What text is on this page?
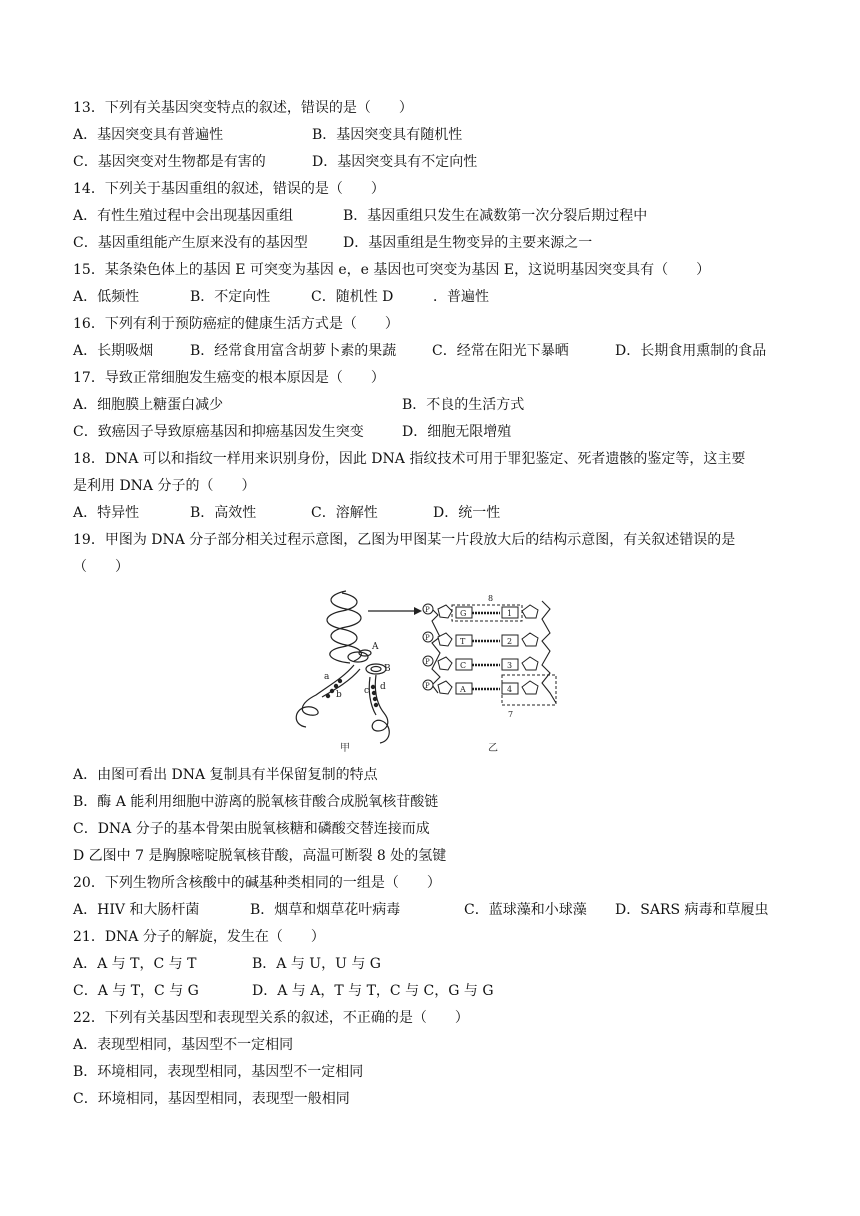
13．下列有关基因突变特点的叙述，错误的是（　　）
A．基因突变具有普遍性	B．基因突变具有随机性
C．基因突变对生物都是有害的	D．基因突变具有不定向性
14．下列关于基因重组的叙述，错误的是（　　）
A．有性生殖过程中会出现基因重组	B．基因重组只发生在减数第一次分裂后期过程中
C．基因重组能产生原来没有的基因型	D．基因重组是生物变异的主要来源之一
15．某条染色体上的基因 E 可突变为基因 e，e 基因也可突变为基因 E，这说明基因突变具有（　　）
A．低频性	B．不定向性	C．随机性 D	．普遍性
16．下列有利于预防癌症的健康生活方式是（　　）
A．长期吸烟	B．经常食用富含胡萝卜素的果蔬	C．经常在阳光下暴晒	D．长期食用熏制的食品
17．导致正常细胞发生癌变的根本原因是（　　）
A．细胞膜上糖蛋白减少	B．不良的生活方式
C．致癌因子导致原癌基因和抑癌基因发生突变	D．细胞无限增殖
18．DNA 可以和指纹一样用来识别身份，因此 DNA 指纹技术可用于罪犯鉴定、死者遗骸的鉴定等，这主要
是利用 DNA 分子的（　　）
A．特异性	B．高效性	C．溶解性	D．统一性
19．甲图为 DNA 分子部分相关过程示意图，乙图为甲图某一片段放大后的结构示意图，有关叙述错误的是
（　　）
A
B
a
b c d
甲
P	G	1
P	T	2
P	C	3
P	A	4
8
7
乙
A．由图可看出 DNA 复制具有半保留复制的特点
B．酶 A 能利用细胞中游离的脱氧核苷酸合成脱氧核苷酸链
C．DNA 分子的基本骨架由脱氧核糖和磷酸交替连接而成
D 乙图中 7 是胸腺嘧啶脱氧核苷酸，高温可断裂 8 处的氢键
20．下列生物所含核酸中的碱基种类相同的一组是（　　）
A．HIV 和大肠杆菌	B．烟草和烟草花叶病毒	C．蓝球藻和小球藻 D．SARS 病毒和草履虫
21．DNA 分子的解旋，发生在（　　）
A．A 与 T，C 与 T	B．A 与 U，U 与 G
C．A 与 T，C 与 G	D．A 与 A，T 与 T，C 与 C，G 与 G
22．下列有关基因型和表现型关系的叙述，不正确的是（　　）
A．表现型相同，基因型不一定相同
B．环境相同，表现型相同，基因型不一定相同
C．环境相同，基因型相同，表现型一般相同
